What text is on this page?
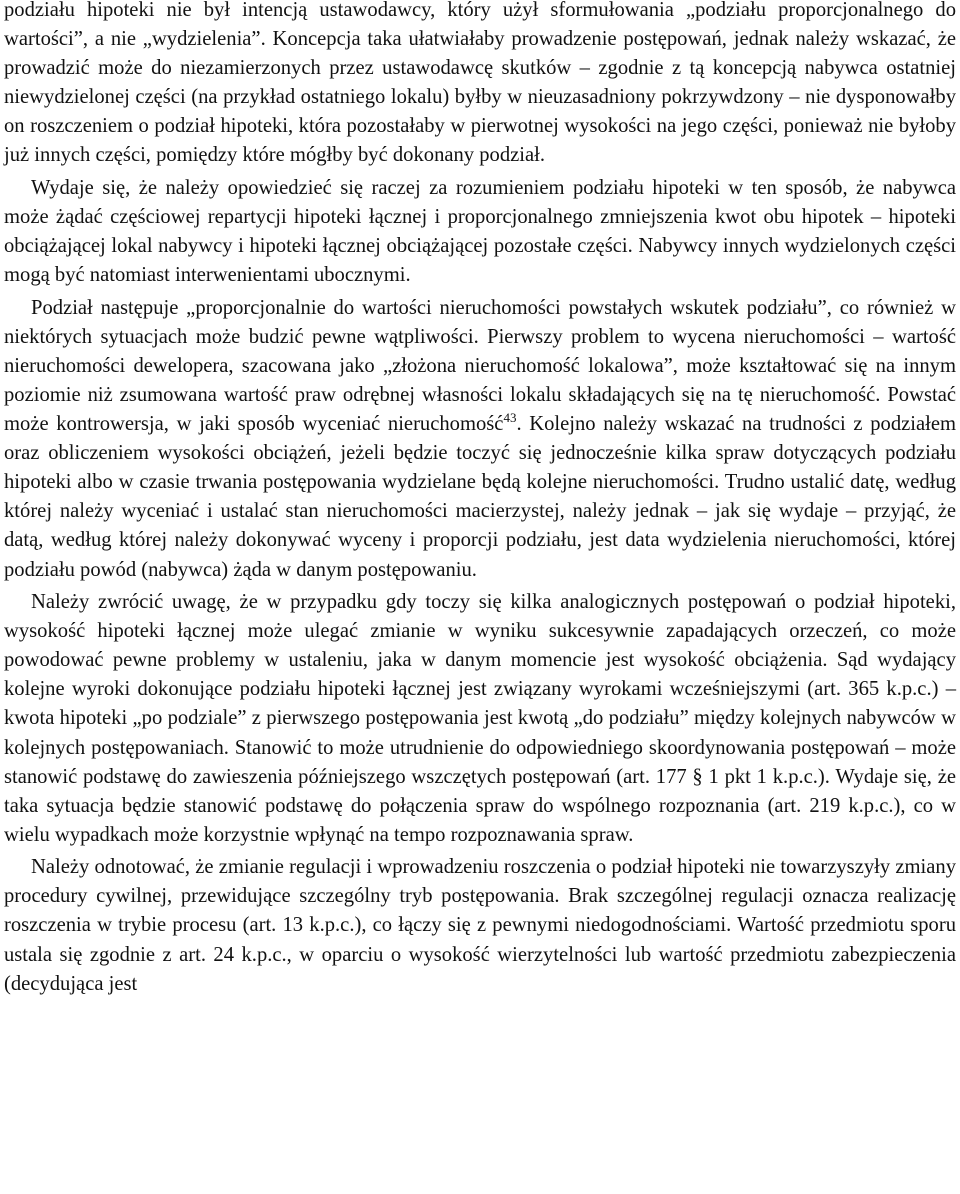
podziału hipoteki nie był intencją ustawodawcy, który użył sformułowania „podziału proporcjonalnego do wartości”, a nie „wydzielenia”. Koncepcja taka ułatwiałaby prowadzenie postępowań, jednak należy wskazać, że prowadzić może do niezamierzonych przez ustawodawcę skutków – zgodnie z tą koncepcją nabywca ostatniej niewydzielonej części (na przykład ostatniego lokalu) byłby w nieuzasadniony pokrzywdzony – nie dysponowałby on roszczeniem o podział hipoteki, która pozostałaby w pierwotnej wysokości na jego części, ponieważ nie byłoby już innych części, pomiędzy które mógłby być dokonany podział.

Wydaje się, że należy opowiedzieć się raczej za rozumieniem podziału hipoteki w ten sposób, że nabywca może żądać częściowej repartycji hipoteki łącznej i proporcjonalnego zmniejszenia kwot obu hipotek – hipoteki obciążającej lokal nabywcy i hipoteki łącznej obciążającej pozostałe części. Nabywcy innych wydzielonych części mogą być natomiast interwenientami ubocznymi.

Podział następuje „proporcjonalnie do wartości nieruchomości powstałych wskutek podziału”, co również w niektórych sytuacjach może budzić pewne wątpliwości. Pierwszy problem to wycena nieruchomości – wartość nieruchomości dewelopera, szacowana jako „złożona nieruchomość lokalowa”, może kształtować się na innym poziomie niż zsumowana wartość praw odrębnej własności lokalu składających się na tę nieruchomość. Powstać może kontrowersja, w jaki sposób wyceniać nieruchomość$^{43}$. Kolejno należy wskazać na trudności z podziałem oraz obliczeniem wysokości obciążeń, jeżeli będzie toczyć się jednocześnie kilka spraw dotyczących podziału hipoteki albo w czasie trwania postępowania wydzielane będą kolejne nieruchomości. Trudno ustalić datę, według której należy wyceniać i ustalać stan nieruchomości macierzystej, należy jednak – jak się wydaje – przyjąć, że datą, według której należy dokonywać wyceny i proporcji podziału, jest data wydzielenia nieruchomości, której podziału powód (nabywca) żąda w danym postępowaniu.

Należy zwrócić uwagę, że w przypadku gdy toczy się kilka analogicznych postępowań o podział hipoteki, wysokość hipoteki łącznej może ulegać zmianie w wyniku sukcesywnie zapadających orzeczeń, co może powodować pewne problemy w ustaleniu, jaka w danym momencie jest wysokość obciążenia. Sąd wydający kolejne wyroki dokonujące podziału hipoteki łącznej jest związany wyrokami wcześniejszymi (art. 365 k.p.c.) – kwota hipoteki „po podziale” z pierwszego postępowania jest kwotą „do podziału” między kolejnych nabywców w kolejnych postępowaniach. Stanowić to może utrudnienie do odpowiedniego skoordynowania postępowań – może stanowić podstawę do zawieszenia późniejszego wszczętych postępowań (art. 177 § 1 pkt 1 k.p.c.). Wydaje się, że taka sytuacja będzie stanowić podstawę do połączenia spraw do wspólnego rozpoznania (art. 219 k.p.c.), co w wielu wypadkach może korzystnie wpłynąć na tempo rozpoznawania spraw.

Należy odnotować, że zmianie regulacji i wprowadzeniu roszczenia o podział hipoteki nie towarzyszyły zmiany procedury cywilnej, przewidujące szczególny tryb postępowania. Brak szczególnej regulacji oznacza realizację roszczenia w trybie procesu (art. 13 k.p.c.), co łączy się z pewnymi niedogodnościami. Wartość przedmiotu sporu ustala się zgodnie z art. 24 k.p.c., w oparciu o wysokość wierzytelności lub wartość przedmiotu zabezpieczenia (decydująca jest
